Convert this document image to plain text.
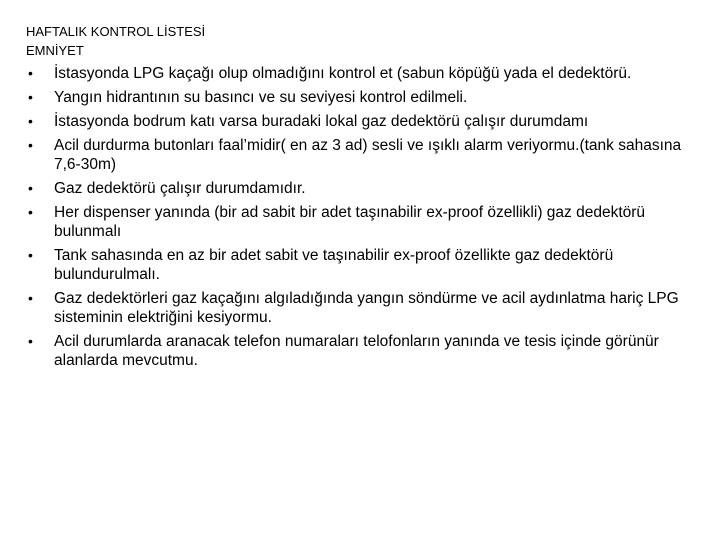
HAFTALIK KONTROL LİSTESİ

EMNİYET

• İstasyonda LPG kaçağı olup olmadığını kontrol et (sabun köpüğü yada el dedektörü.
• Yangın hidrantının su basıncı ve su seviyesi kontrol edilmeli.
• İstasyonda bodrum katı varsa buradaki lokal gaz dedektörü çalışır durumdamı
• Acil durdurma butonları faal’midir( en az 3 ad) sesli ve ışıklı alarm veriyormu.(tank sahasına 7,6-30m)
• Gaz dedektörü çalışır durumdamıdır.
• Her dispenser yanında (bir ad sabit bir adet taşınabilir ex-proof özellikli) gaz dedektörü bulunmalı
• Tank sahasında en az bir adet sabit ve taşınabilir ex-proof özellikte gaz dedektörü bulundurulmalı.
• Gaz dedektörleri gaz kaçağını algıladığında yangın söndürme ve acil aydınlatma hariç LPG sisteminin elektriğini kesiyormu.
• Acil durumlarda aranacak telefon numaraları telofonların yanında ve tesis içinde görünür alanlarda mevcutmu.
